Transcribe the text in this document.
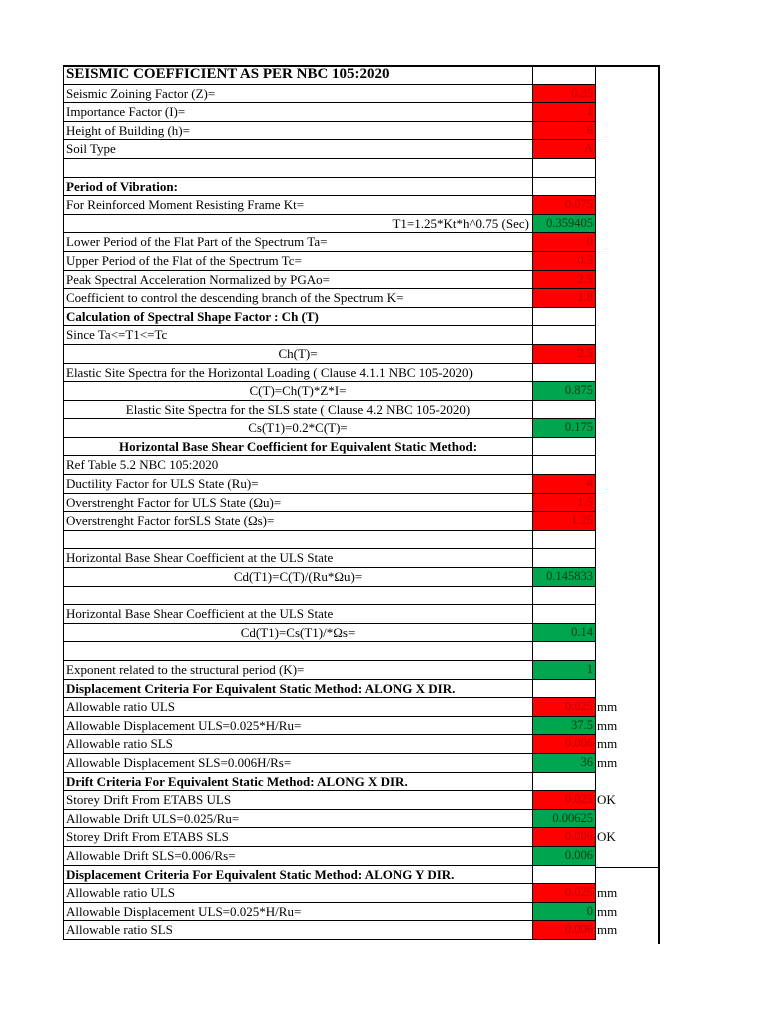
SEISMIC COEFFICIENT AS PER NBC 105:2020
Seismic Zoining Factor (Z)=	0.35
Importance Factor (I)=	1
Height of Building (h)=	6
Soil Type	A
Period of Vibration:
For Reinforced Moment Resisting Frame Kt=	0.075
T1=1.25*Kt*h^0.75 (Sec)	0.359405
Lower Period of the Flat Part of the Spectrum Ta=	0
Upper Period of the Flat of the Spectrum Tc=	0.5
Peak Spectral Acceleration Normalized by PGAo=	2.5
Coefficient to control the descending branch of the Spectrum K=	1.8
Calculation of Spectral Shape Factor : Ch (T)
Since Ta<=T1<=Tc
Ch(T)=	2.5
Elastic Site Spectra for the Horizontal Loading ( Clause 4.1.1 NBC 105-2020)
C(T)=Ch(T)*Z*I=	0.875
Elastic Site Spectra for the SLS state ( Clause 4.2 NBC 105-2020)
Cs(T1)=0.2*C(T)=	0.175
Horizontal Base Shear Coefficient for Equivalent Static Method:
Ref Table 5.2 NBC 105:2020
Ductility Factor for ULS State (Ru)=	4
Overstrenght Factor for ULS State (Ωu)=	1.5
Overstrenght Factor forSLS State (Ωs)=	1.25
Horizontal Base Shear Coefficient at the ULS State
Cd(T1)=C(T)/(Ru*Ωu)=	0.145833
Horizontal Base Shear Coefficient at the ULS State
Cd(T1)=Cs(T1)/*Ωs=	0.14
Exponent related to the structural period (K)=	1
Displacement Criteria For Equivalent Static Method: ALONG X DIR.
Allowable ratio ULS	0.025 mm
Allowable Displacement ULS=0.025*H/Ru=	37.5 mm
Allowable ratio SLS	0.006 mm
Allowable Displacement SLS=0.006H/Rs=	36 mm
Drift Criteria For Equivalent Static Method: ALONG X DIR.
Storey Drift From ETABS ULS	0.025 OK
Allowable Drift ULS=0.025/Ru=	0.00625
Storey Drift From ETABS SLS	0.006 OK
Allowable Drift SLS=0.006/Rs=	0.006
Displacement Criteria For Equivalent Static Method: ALONG Y DIR.
Allowable ratio ULS	0.025 mm
Allowable Displacement ULS=0.025*H/Ru=	0 mm
Allowable ratio SLS	0.006 mm
